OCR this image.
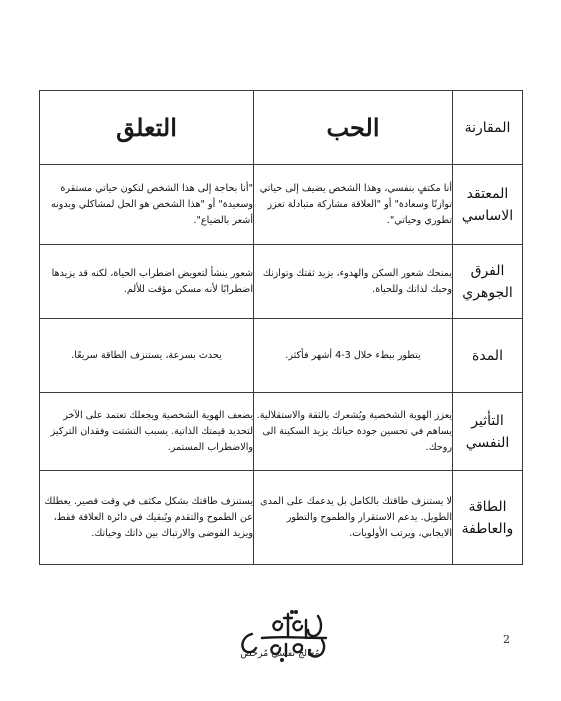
المقارنة	الحب	التعلق
المعتقد الاساسي	أنا مكتفٍ بنفسي، وهذا الشخص يضيف إلى حياتي توازنًا وسعادة" أو "العلاقة مشاركة متبادلة تعزز تطوري وحياتي".	"أنا بحاجة إلى هذا الشخص لتكون حياتي مستقرة وسعيدة" أو "هذا الشخص هو الحل لمشاكلي وبدونه أشعر بالضياع".
الفرق الجوهري	يمنحك شعور السكن والهدوء، يزيد ثقتك وتوازنك وحبك لذاتك وللحياة.	شعور ينشأ لتعويض اضطراب الحياة، لكنه قد يزيدها اضطرابًا لأنه مسكن مؤقت للألم.
المدة	يتطور ببطء خلال 3-4 أشهر فأكثر.	يحدث بسرعة، يستنزف الطاقة سريعًا.
التأثير النفسي	يعزز الهوية الشخصية ويُشعرك بالثقة والاستقلالية. يساهم في تحسين جودة حياتك يزيد السكينة الى روحك.	يضعف الهوية الشخصية ويجعلك تعتمد على الآخر لتحديد قيمتك الذاتية. يسبب التشتت وفقدان التركيز والاضطراب المستمر.
الطاقة والعاطفة	لا يستنزف طاقتك بالكامل بل يدعمك على المدى الطويل. يدعم الاستقرار والطموح والتطور الايجابي، ويرتب الأولويات.	يستنزف طاقتك بشكل مكثف في وقت قصير. يعطلك عن الطموح والتقدم ويُبقيك في دائرة العلاقة فقط، ويزيد الفوضى والارتباك بين ذاتك وحياتك.
مُعالج نفسي مُرخص
2
